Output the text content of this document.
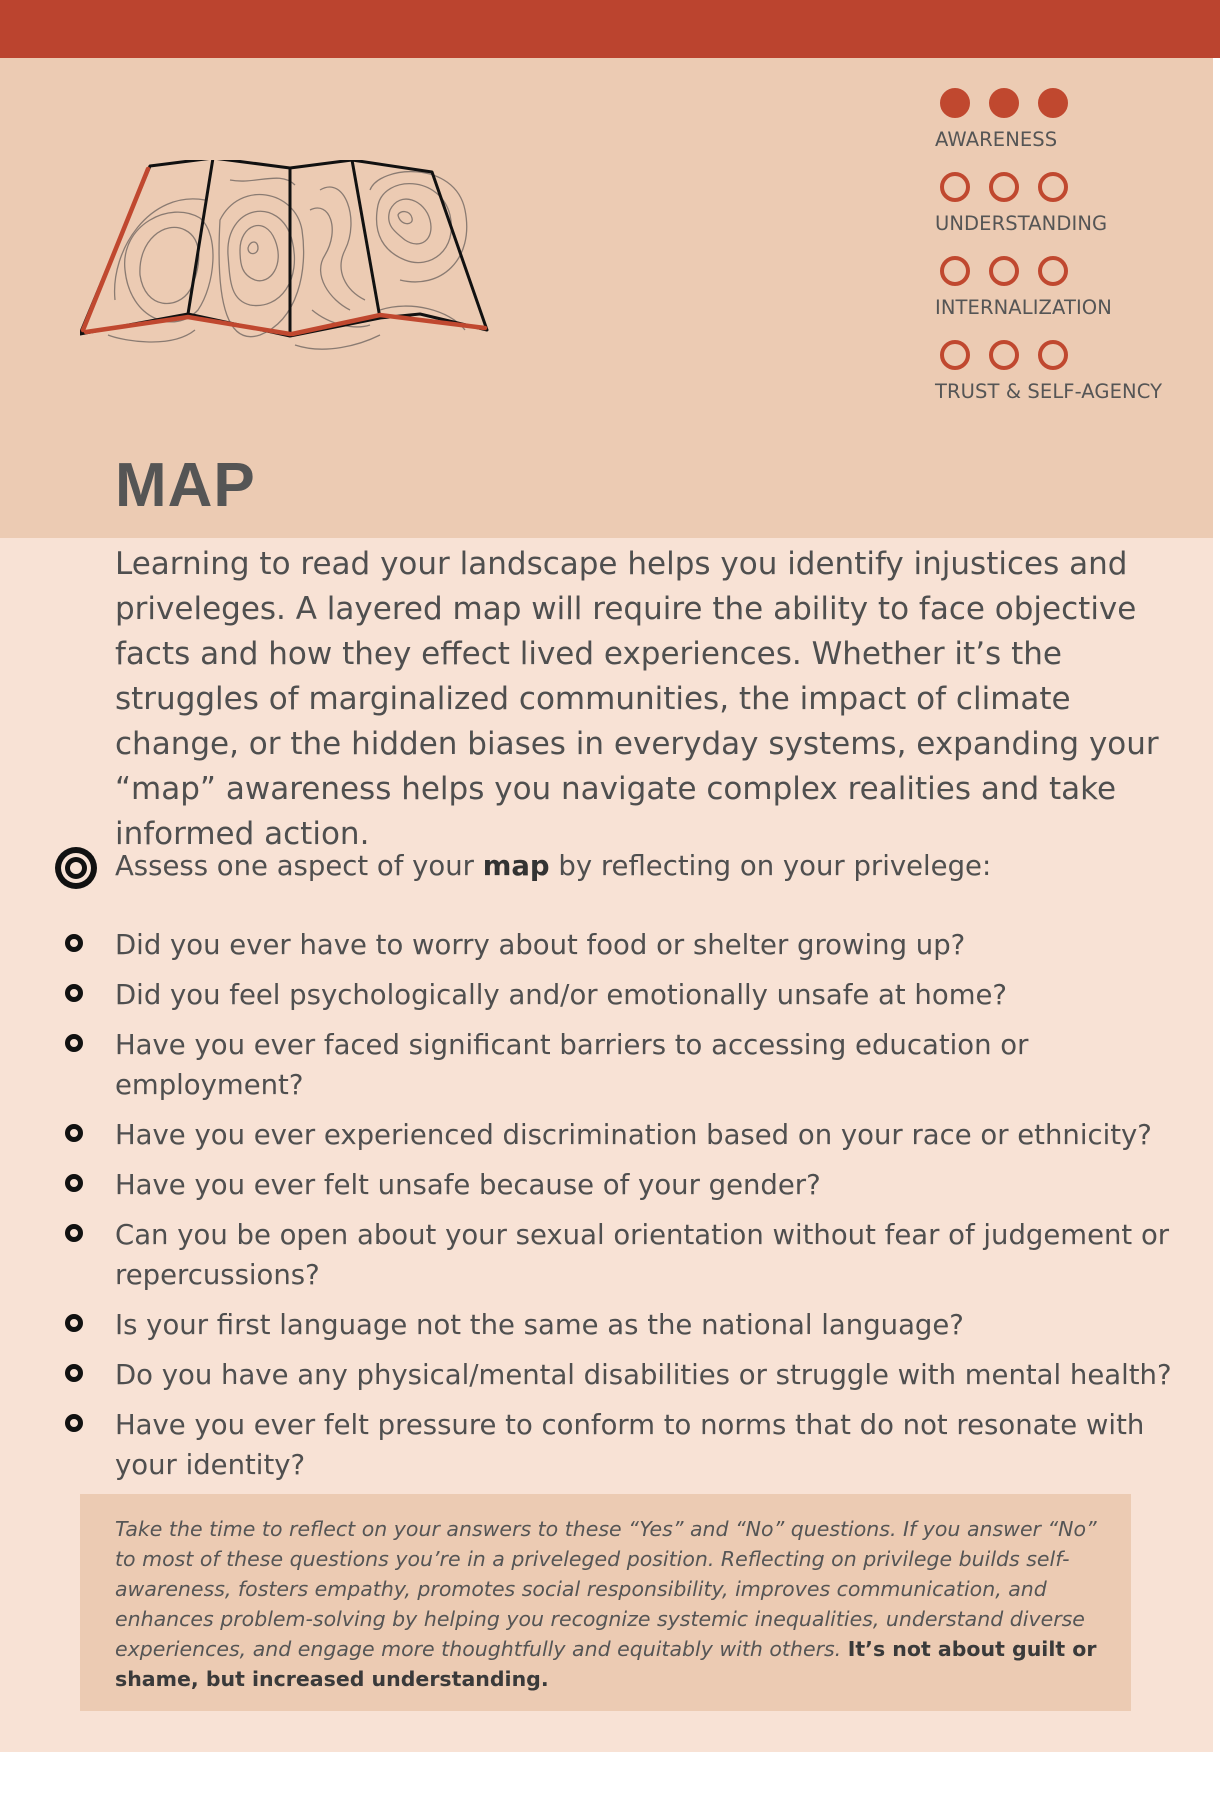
AWARENESS
UNDERSTANDING
INTERNALIZATION
TRUST & SELF-AGENCY
MAP

Learning to read your landscape helps you identify injustices and priveleges. A layered map will require the ability to face objective facts and how they effect lived experiences. Whether it’s the struggles of marginalized communities, the impact of climate change, or the hidden biases in everyday systems, expanding your “map” awareness helps you navigate complex realities and take informed action.

Assess one aspect of your map by reflecting on your privelege:
Did you ever have to worry about food or shelter growing up?
Did you feel psychologically and/or emotionally unsafe at home?
Have you ever faced significant barriers to accessing education or employment?
Have you ever experienced discrimination based on your race or ethnicity?
Have you ever felt unsafe because of your gender?
Can you be open about your sexual orientation without fear of judgement or repercussions?
Is your first language not the same as the national language?
Do you have any physical/mental disabilities or struggle with mental health?
Have you ever felt pressure to conform to norms that do not resonate with your identity?

Take the time to reflect on your answers to these “Yes” and “No” questions. If you answer “No” to most of these questions you’re in a priveleged position. Reflecting on privilege builds self-awareness, fosters empathy, promotes social responsibility, improves communication, and enhances problem-solving by helping you recognize systemic inequalities, understand diverse experiences, and engage more thoughtfully and equitably with others. It’s not about guilt or shame, but increased understanding.
